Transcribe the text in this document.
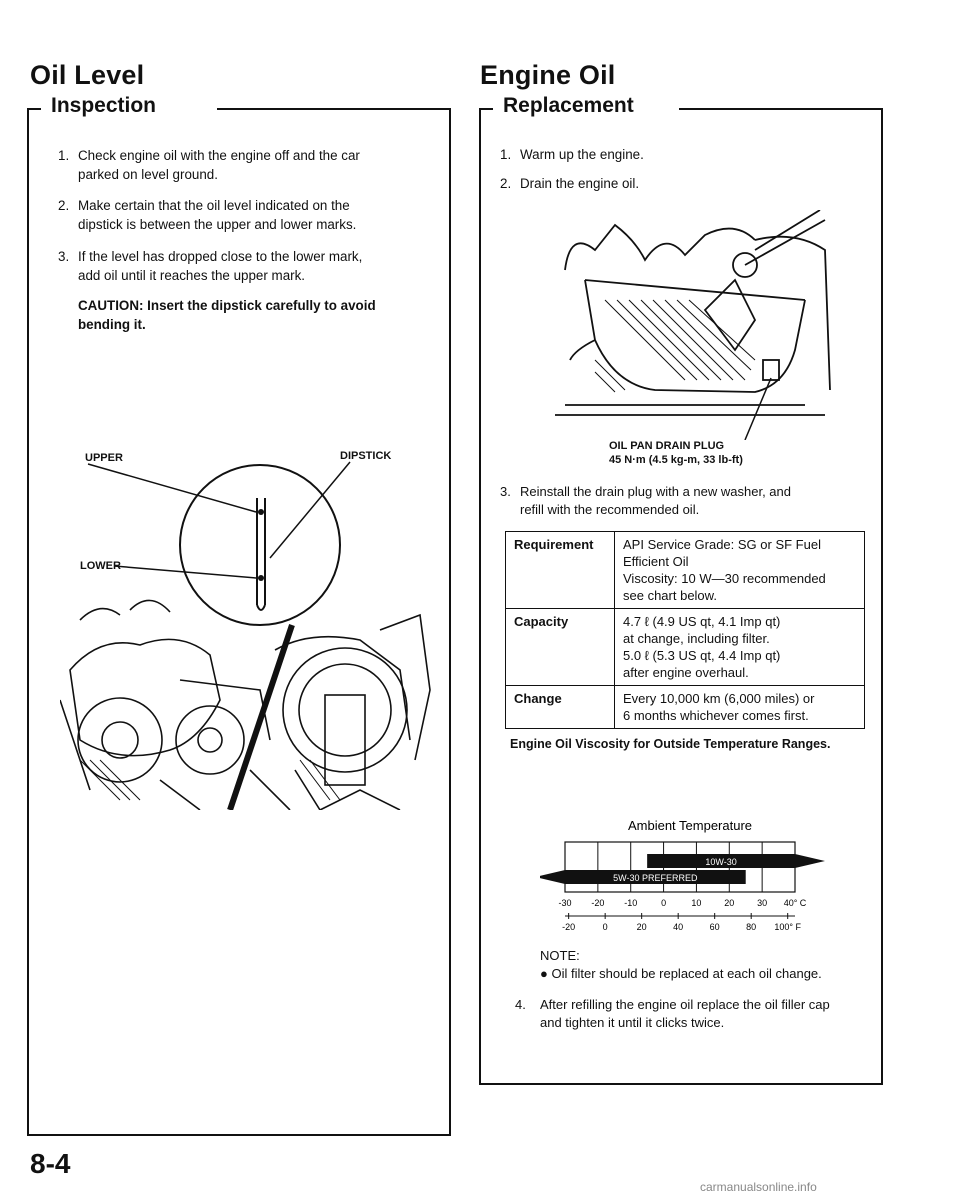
Oil Level
Inspection
1. Check engine oil with the engine off and the car
parked on level ground.
2. Make certain that the oil level indicated on the
dipstick is between the upper and lower marks.
3. If the level has dropped close to the lower mark,
add oil until it reaches the upper mark.
CAUTION: Insert the dipstick carefully to avoid
bending it.
UPPER	DIPSTICK
LOWER
Engine Oil
Replacement
1. Warm up the engine.
2. Drain the engine oil.
OIL PAN DRAIN PLUG
45 N·m (4.5 kg-m, 33 lb-ft)
3. Reinstall the drain plug with a new washer, and
refill with the recommended oil.
Requirement	API Service Grade: SG or SF Fuel
Efficient Oil
Viscosity: 10 W—30 recommended
see chart below.

Capacity	4.7 ℓ (4.9 US qt, 4.1 Imp qt)
at change, including filter.
5.0 ℓ (5.3 US qt, 4.4 Imp qt)
after engine overhaul.

Change	Every 10,000 km (6,000 miles) or
6 months whichever comes first.
Engine Oil Viscosity for Outside Temperature Ranges.
Ambient Temperature
10W-30
5W-30 PREFERRED
-30 -20 -10	0	10	20	30 40° C
-20	0	20	40	60	80 100° F
NOTE:
● Oil filter should be replaced at each oil change.
4. After refilling the engine oil replace the oil filler cap
and tighten it until it clicks twice.
8-4
carmanualsonline.info
